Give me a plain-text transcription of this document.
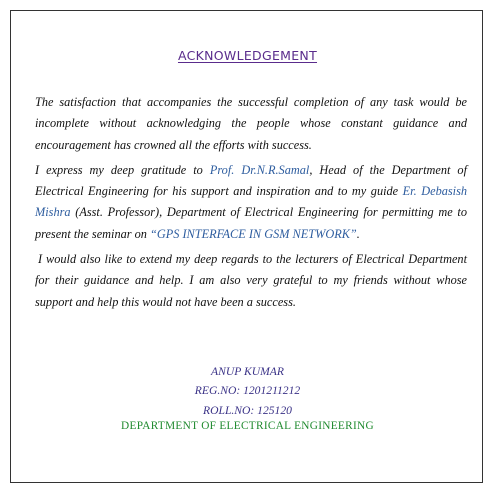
ACKNOWLEDGEMENT

The satisfaction that accompanies the successful completion of any task would be incomplete without acknowledging the people whose constant guidance and encouragement has crowned all the efforts with success.

I express my deep gratitude to Prof. Dr.N.R.Samal, Head of the Department of Electrical Engineering for his support and inspiration and to my guide Er. Debasish Mishra (Asst. Professor), Department of Electrical Engineering for permitting me to present the seminar on “GPS INTERFACE IN GSM NETWORK”.

I would also like to extend my deep regards to the lecturers of Electrical Department for their guidance and help. I am also very grateful to my friends without whose support and help this would not have been a success.

ANUP KUMAR
REG.NO: 1201211212
ROLL.NO: 125120
DEPARTMENT OF ELECTRICAL ENGINEERING
